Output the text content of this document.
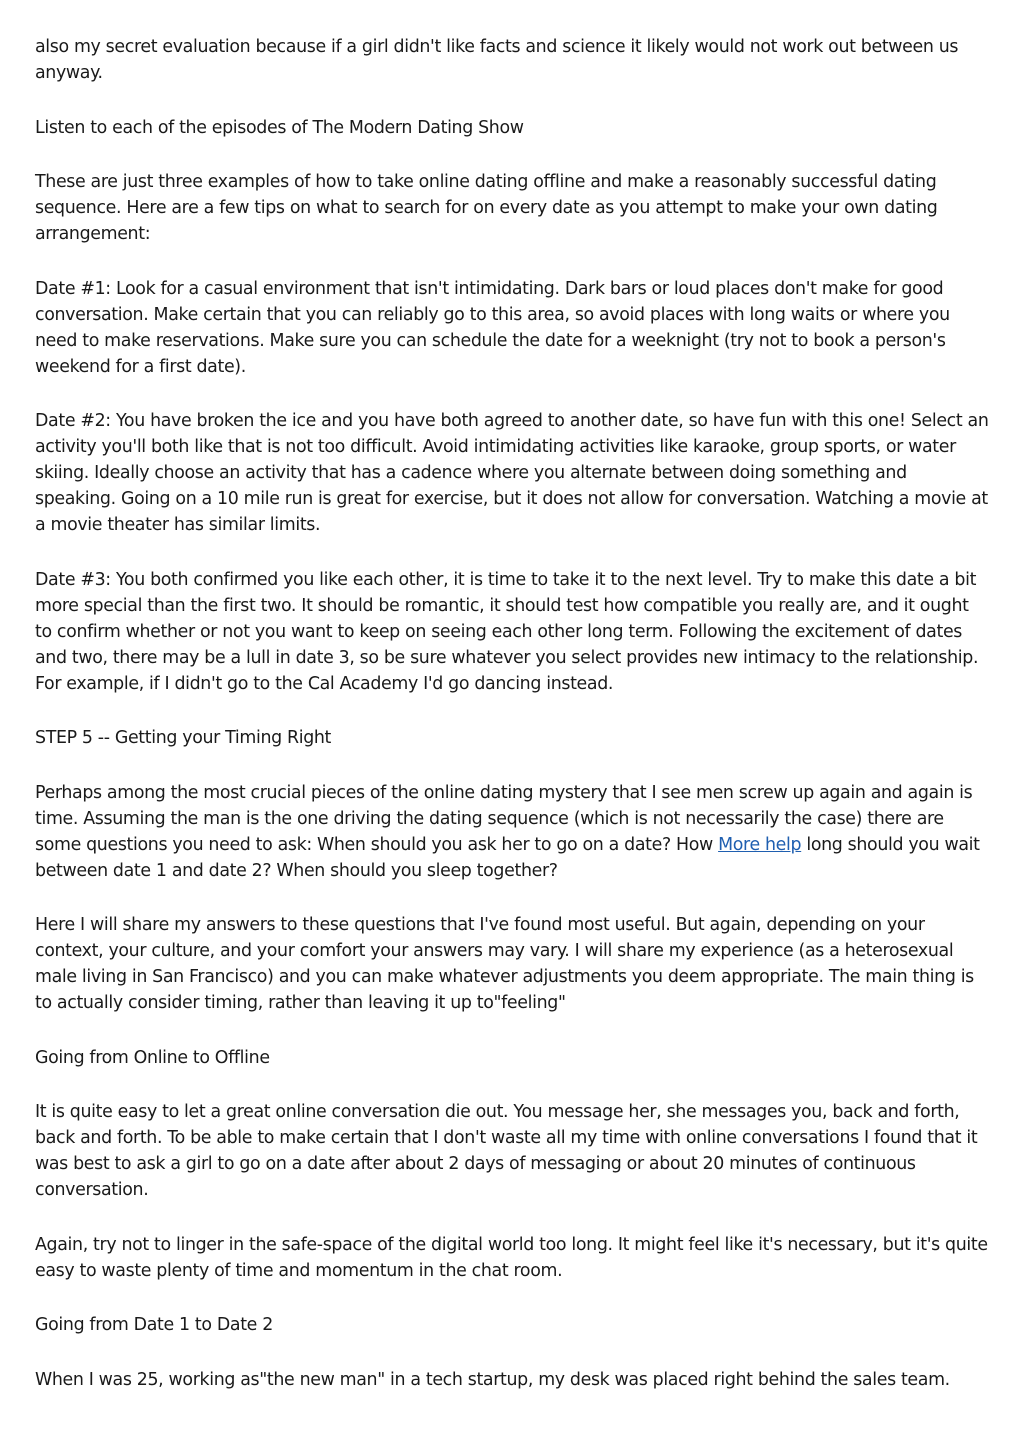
also my secret evaluation because if a girl didn't like facts and science it likely would not work out between us anyway.

Listen to each of the episodes of The Modern Dating Show

These are just three examples of how to take online dating offline and make a reasonably successful dating sequence. Here are a few tips on what to search for on every date as you attempt to make your own dating arrangement:

Date #1: Look for a casual environment that isn't intimidating. Dark bars or loud places don't make for good conversation. Make certain that you can reliably go to this area, so avoid places with long waits or where you need to make reservations. Make sure you can schedule the date for a weeknight (try not to book a person's weekend for a first date).

Date #2: You have broken the ice and you have both agreed to another date, so have fun with this one! Select an activity you'll both like that is not too difficult. Avoid intimidating activities like karaoke, group sports, or water skiing. Ideally choose an activity that has a cadence where you alternate between doing something and speaking. Going on a 10 mile run is great for exercise, but it does not allow for conversation. Watching a movie at a movie theater has similar limits.

Date #3: You both confirmed you like each other, it is time to take it to the next level. Try to make this date a bit more special than the first two. It should be romantic, it should test how compatible you really are, and it ought to confirm whether or not you want to keep on seeing each other long term. Following the excitement of dates and two, there may be a lull in date 3, so be sure whatever you select provides new intimacy to the relationship. For example, if I didn't go to the Cal Academy I'd go dancing instead.

STEP 5 -- Getting your Timing Right

Perhaps among the most crucial pieces of the online dating mystery that I see men screw up again and again is time. Assuming the man is the one driving the dating sequence (which is not necessarily the case) there are some questions you need to ask: When should you ask her to go on a date? How More help long should you wait between date 1 and date 2? When should you sleep together?

Here I will share my answers to these questions that I've found most useful. But again, depending on your context, your culture, and your comfort your answers may vary. I will share my experience (as a heterosexual male living in San Francisco) and you can make whatever adjustments you deem appropriate. The main thing is to actually consider timing, rather than leaving it up to"feeling"

Going from Online to Offline

It is quite easy to let a great online conversation die out. You message her, she messages you, back and forth, back and forth. To be able to make certain that I don't waste all my time with online conversations I found that it was best to ask a girl to go on a date after about 2 days of messaging or about 20 minutes of continuous conversation.

Again, try not to linger in the safe-space of the digital world too long. It might feel like it's necessary, but it's quite easy to waste plenty of time and momentum in the chat room.

Going from Date 1 to Date 2

When I was 25, working as"the new man" in a tech startup, my desk was placed right behind the sales team.
